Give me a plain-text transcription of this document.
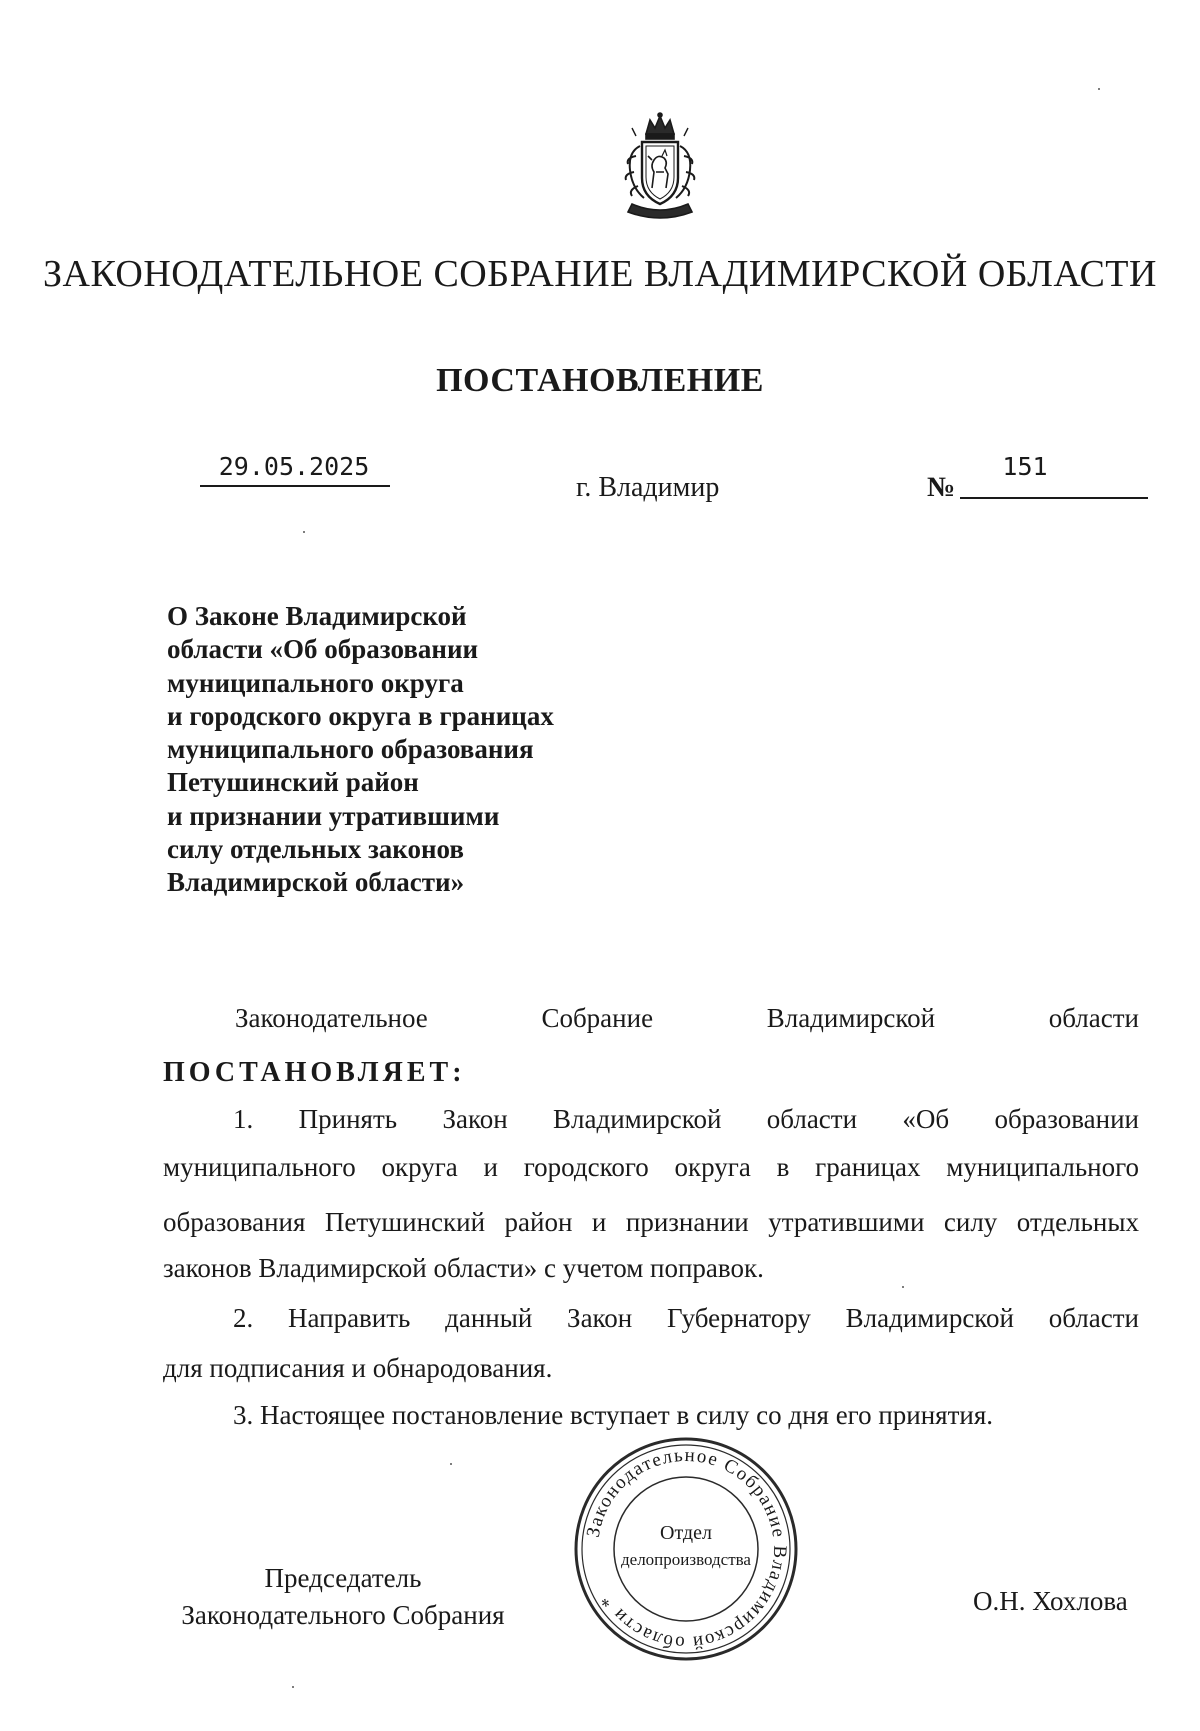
ЗАКОНОДАТЕЛЬНОЕ СОБРАНИЕ ВЛАДИМИРСКОЙ ОБЛАСТИ
ПОСТАНОВЛЕНИЕ
29.05.2025
г. Владимир	№
151
О Законе Владимирской
области «Об образовании
муниципального округа
и городского округа в границах
муниципального образования
Петушинский район
и признании утратившими
силу отдельных законов
Владимирской области»
Законодательное Собрание Владимирской области
ПОСТАНОВЛЯЕТ:
1. Принять Закон Владимирской области «Об образовании
муниципального округа и городского округа в границах муниципального
образования Петушинский район и признании утратившими силу отдельных
законов Владимирской области» с учетом поправок.
2. Направить данный Закон Губернатору Владимирской области
для подписания и обнародования.
3. Настоящее постановление вступает в силу со дня его принятия.
Председатель
Законодательного Собрания	О.Н. Хохлова
Законодательное Собрание Владимирской области *
Отдел
делопроизводства
